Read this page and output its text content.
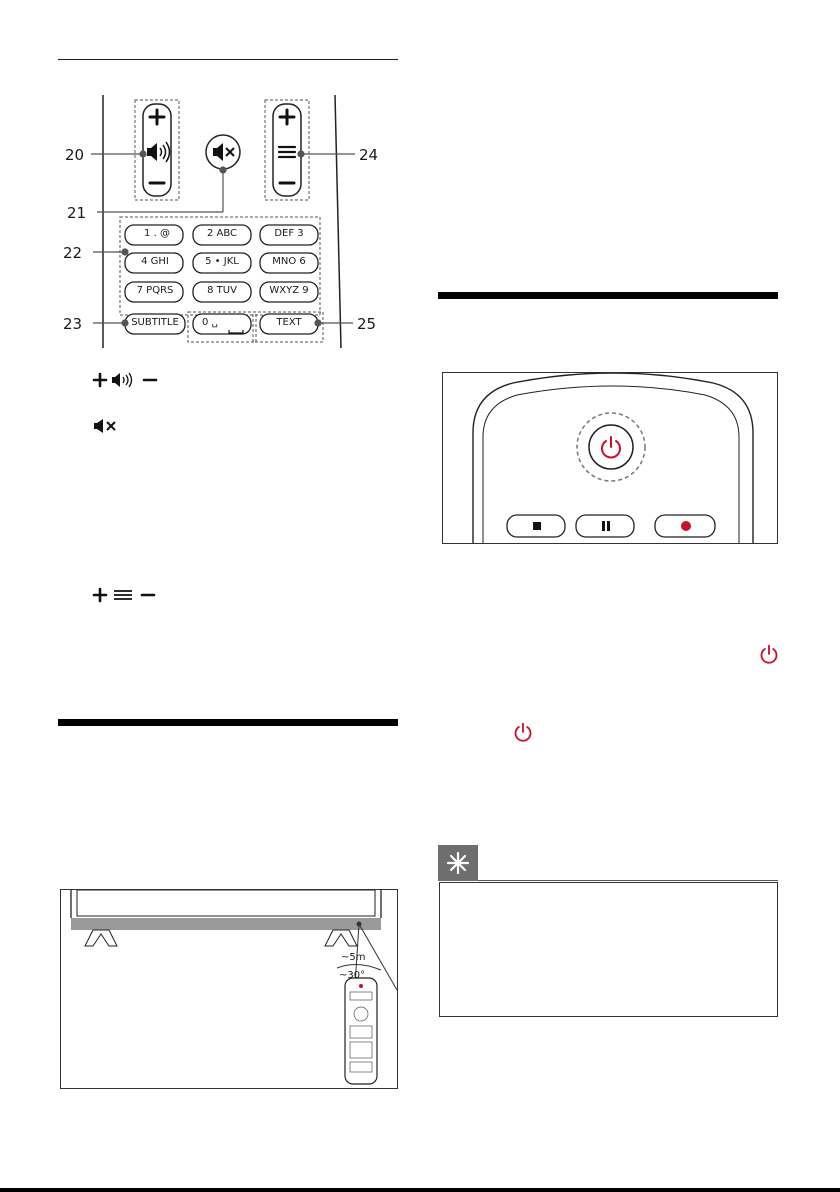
20
21
22
23
24
25
1 . @	2 ABC	DEF 3
4 GHI	5 • JKL	MNO 6
7 PQRS	8 TUV	WXYZ 9
SUBTITLE	0 ␣	TEXT
~5m
~30°
